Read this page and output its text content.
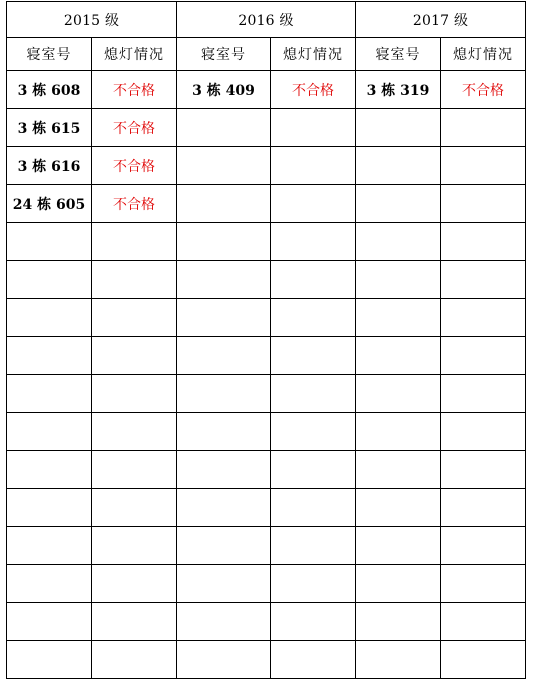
2015 级		2016 级		2017 级	
寝室号	熄灯情况	寝室号	熄灯情况	寝室号	熄灯情况
3 栋 608	不合格	3 栋 409	不合格	3 栋 319	不合格
3 栋 615	不合格				
3 栋 616	不合格				
24 栋 605	不合格				
